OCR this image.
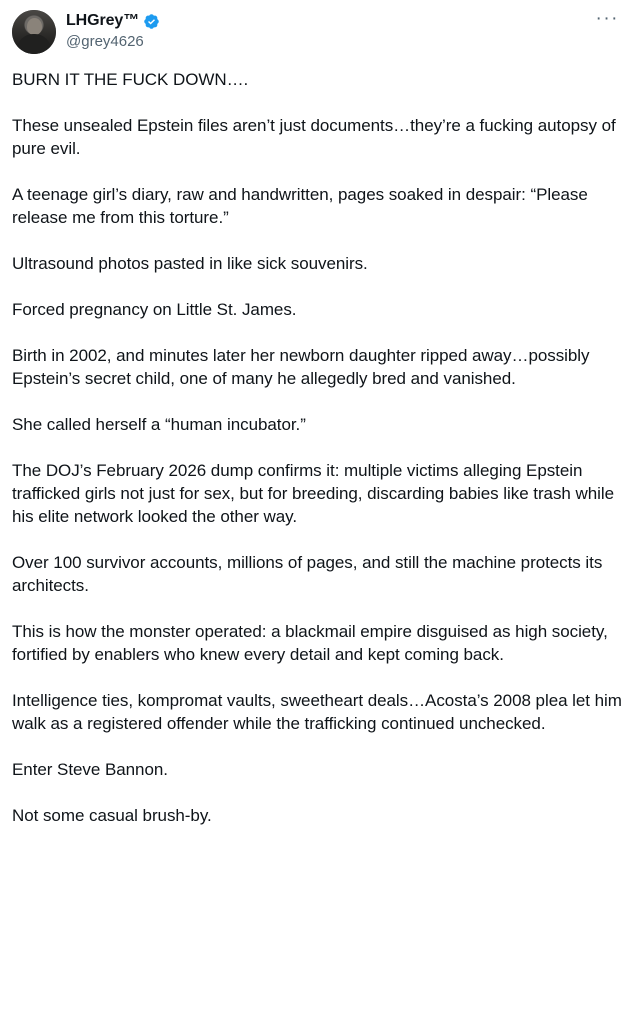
LHGrey™
@grey4626
···

BURN IT THE FUCK DOWN….

These unsealed Epstein files aren’t just documents…they’re a fucking autopsy of pure evil.

A teenage girl’s diary, raw and handwritten, pages soaked in despair: “Please release me from this torture.”

Ultrasound photos pasted in like sick souvenirs.

Forced pregnancy on Little St. James.

Birth in 2002, and minutes later her newborn daughter ripped away…possibly Epstein’s secret child, one of many he allegedly bred and vanished.

She called herself a “human incubator.”

The DOJ’s February 2026 dump confirms it: multiple victims alleging Epstein trafficked girls not just for sex, but for breeding, discarding babies like trash while his elite network looked the other way.

Over 100 survivor accounts, millions of pages, and still the machine protects its architects.

This is how the monster operated: a blackmail empire disguised as high society, fortified by enablers who knew every detail and kept coming back.

Intelligence ties, kompromat vaults, sweetheart deals…Acosta’s 2008 plea let him walk as a registered offender while the trafficking continued unchecked.

Enter Steve Bannon.

Not some casual brush-by.
